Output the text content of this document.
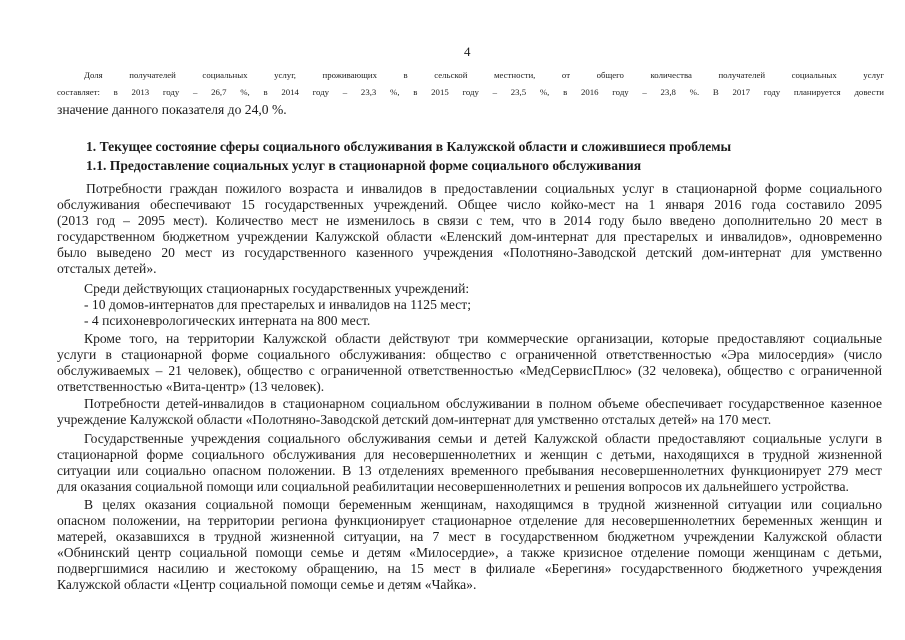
4
Доля получателей социальных услуг, проживающих в сельской местности, от общего количества получателей социальных услуг
составляет: в 2013 году – 26,7 %, в 2014 году – 23,3 %, в 2015 году – 23,5 %, в 2016 году – 23,8 %. В 2017 году планируется довести
значение данного показателя до 24,0 %.
1. Текущее состояние сферы социального обслуживания в Калужской области и сложившиеся проблемы
1.1. Предоставление социальных услуг в стационарной форме социального обслуживания
Потребности граждан пожилого возраста и инвалидов в предоставлении социальных услуг в стационарной форме социального
обслуживания обеспечивают 15 государственных учреждений. Общее число койко-мест на 1 января 2016 года составило 2095
(2013 год – 2095 мест). Количество мест не изменилось в связи с тем, что в 2014 году было введено дополнительно 20 мест в
государственном бюджетном учреждении Калужской области «Еленский дом-интернат для престарелых и инвалидов», одновременно
было выведено 20 мест из государственного казенного учреждения «Полотняно-Заводской детский дом-интернат для умственно
отсталых детей».
Среди действующих стационарных государственных учреждений:
- 10 домов-интернатов для престарелых и инвалидов на 1125 мест;
- 4 психоневрологических интерната на 800 мест.
Кроме того, на территории Калужской области действуют три коммерческие организации, которые предоставляют социальные
услуги в стационарной форме социального обслуживания: общество с ограниченной ответственностью «Эра милосердия» (число
обслуживаемых – 21 человек), общество с ограниченной ответственностью «МедСервисПлюс» (32 человека), общество с ограниченной
ответственностью «Вита-центр» (13 человек).
Потребности детей-инвалидов в стационарном социальном обслуживании в полном объеме обеспечивает государственное казенное
учреждение Калужской области «Полотняно-Заводской детский дом-интернат для умственно отсталых детей» на 170 мест.
Государственные учреждения социального обслуживания семьи и детей Калужской области предоставляют социальные услуги в
стационарной форме социального обслуживания для несовершеннолетних и женщин с детьми, находящихся в трудной жизненной
ситуации или социально опасном положении. В 13 отделениях временного пребывания несовершеннолетних функционирует 279 мест
для оказания социальной помощи или социальной реабилитации несовершеннолетних и решения вопросов их дальнейшего устройства.
В целях оказания социальной помощи беременным женщинам, находящимся в трудной жизненной ситуации или социально
опасном положении, на территории региона функционирует стационарное отделение для несовершеннолетних беременных женщин и
матерей, оказавшихся в трудной жизненной ситуации, на 7 мест в государственном бюджетном учреждении Калужской области
«Обнинский центр социальной помощи семье и детям «Милосердие», а также кризисное отделение помощи женщинам с детьми,
подвергшимися насилию и жестокому обращению, на 15 мест в филиале «Берегиня» государственного бюджетного учреждения
Калужской области «Центр социальной помощи семье и детям «Чайка».
